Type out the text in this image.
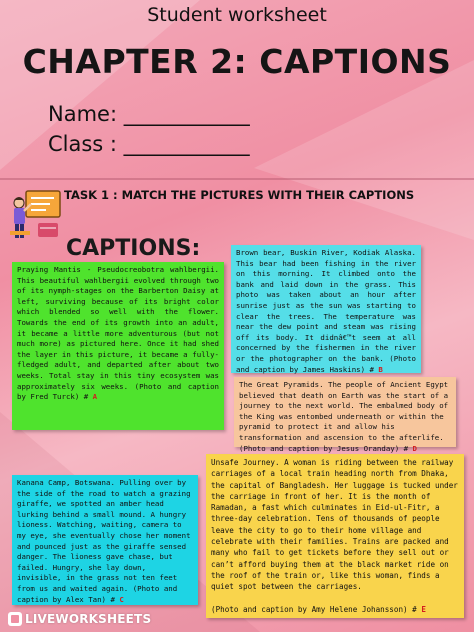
Student worksheet
CHAPTER 2: CAPTIONS
Name: ____________
Class : ____________
TASK 1 : MATCH THE PICTURES WITH THEIR CAPTIONS
CAPTIONS:
Praying Mantis - Pseudocreobotra wahlbergii. This beautiful wahlbergii evolved through two of its nymph-stages on the Barberton Daisy at left, surviving because of its bright color which blended so well with the flower. Towards the end of its growth into an adult, it became a little more adventurous (but not much more) as pictured here. Once it had shed the layer in this picture, it became a fully-fledged adult, and departed after about two weeks. Total stay in this tiny ecosystem was approximately six weeks. (Photo and caption by Fred Turck) # A
Brown bear, Buskin River, Kodiak Alaska. This bear had been fishing in the river on this morning. It climbed onto the bank and laid down in the grass. This photo was taken about an hour after sunrise just as the sun was starting to clear the trees. The temperature was near the dew point and steam was rising off its body. It didnâ€™t seem at all concerned by the fishermen in the river or the photographer on the bank. (Photo and caption by James Haskins) # B
The Great Pyramids. The people of Ancient Egypt believed that death on Earth was the start of a journey to the next world. The embalmed body of the King was entombed underneath or within the pyramid to protect it and allow his transformation and ascension to the afterlife. (Photo and caption by Jesus Oranday) # D
Kanana Camp, Botswana. Pulling over by the side of the road to watch a grazing giraffe, we spotted an amber head lurking behind a small mound. A hungry lioness. Watching, waiting, camera to my eye, she eventually chose her moment and pounced just as the giraffe sensed danger. The lioness gave chase, but failed. Hungry, she lay down, invisible, in the grass not ten feet from us and waited again. (Photo and caption by Alex Tan) # C
Unsafe Journey. A woman is riding between the railway carriages of a local train heading north from Dhaka, the capital of Bangladesh. Her luggage is tucked under the carriage in front of her. It is the month of Ramadan, a fast which culminates in Eid-ul-Fitr, a three-day celebration. Tens of thousands of people leave the city to go to their home village and celebrate with their families. Trains are packed and many who fail to get tickets before they sell out or can’t afford buying them at the black market ride on the roof of the train or, like this woman, finds a quiet spot between the carriages.
(Photo and caption by Amy Helene Johansson) # E
LIVEWORKSHEETS
